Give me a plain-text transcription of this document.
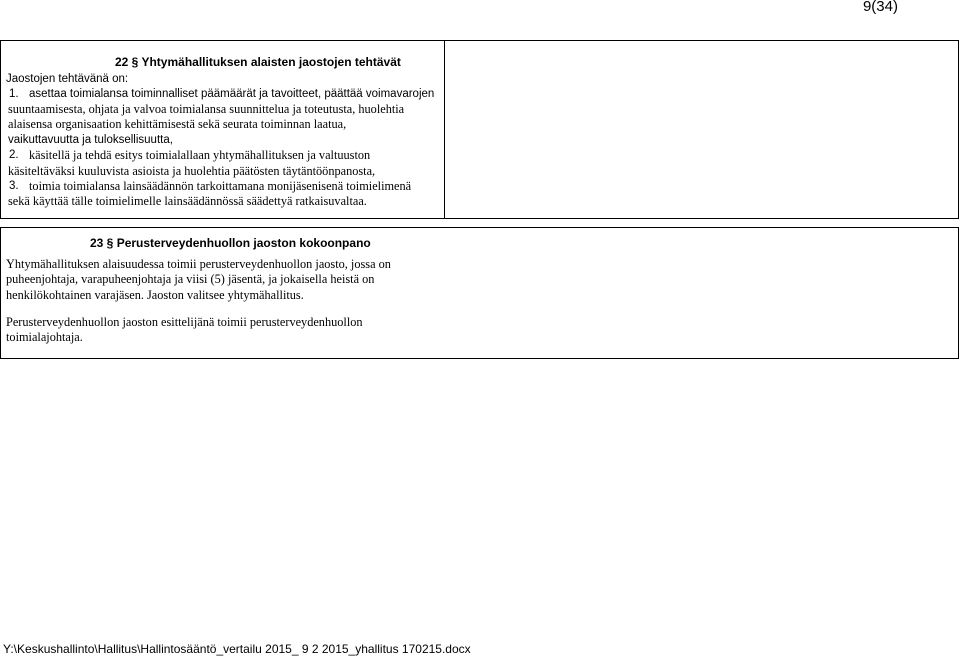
9(34)
22 § Yhtymähallituksen alaisten jaostojen tehtävät
Jaostojen tehtävänä on:
1. asettaa toimialansa toiminnalliset päämäärät ja tavoitteet, päättää voimavarojen
suuntaamisesta, ohjata ja valvoa toimialansa suunnittelua ja toteutusta, huolehtia
alaisensa organisaation kehittämisestä sekä seurata toiminnan laatua,
vaikuttavuutta ja tuloksellisuutta,
2. käsitellä ja tehdä esitys toimialallaan yhtymähallituksen ja valtuuston
käsiteltäväksi kuuluvista asioista ja huolehtia päätösten täytäntöönpanosta,
3. toimia toimialansa lainsäädännön tarkoittamana monijäsenisenä toimielimenä
sekä käyttää tälle toimielimelle lainsäädännössä säädettyä ratkaisuvaltaa.
23 § Perusterveydenhuollon jaoston kokoonpano
Yhtymähallituksen alaisuudessa toimii perusterveydenhuollon jaosto, jossa on
puheenjohtaja, varapuheenjohtaja ja viisi (5) jäsentä, ja jokaisella heistä on
henkilökohtainen varajäsen. Jaoston valitsee yhtymähallitus.
Perusterveydenhuollon jaoston esittelijänä toimii perusterveydenhuollon
toimialajohtaja.
Y:\Keskushallinto\Hallitus\Hallintosääntö_vertailu 2015_ 9 2 2015_yhallitus 170215.docx
